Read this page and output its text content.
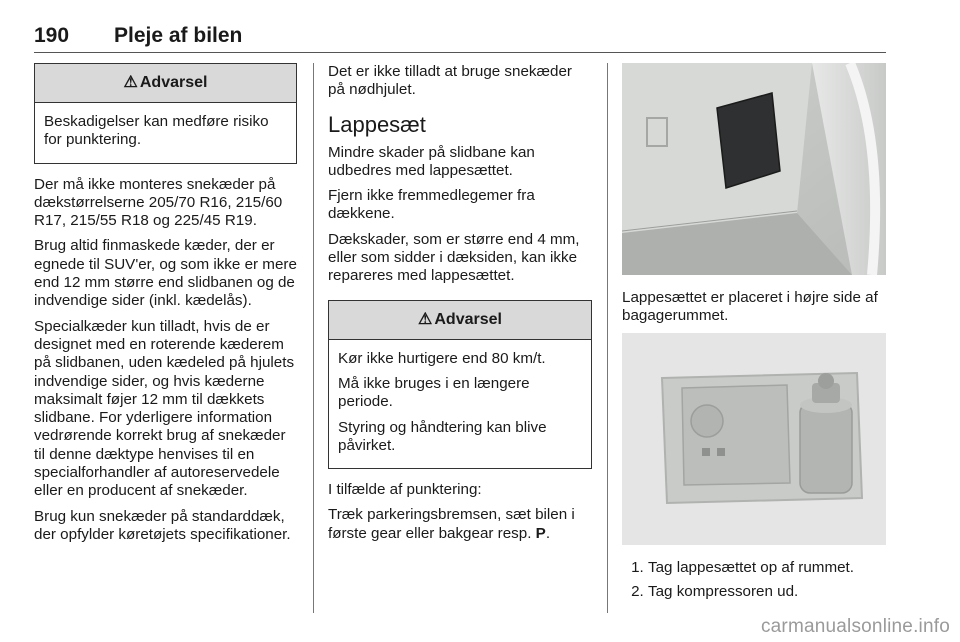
190 Pleje af bilen
⚠ Advarsel

Beskadigelser kan medføre risiko for punktering.

Der må ikke monteres snekæder på dækstørrelserne 205/70 R16, 215/60 R17, 215/55 R18 og 225/45 R19.

Brug altid finmaskede kæder, der er egnede til SUV'er, og som ikke er mere end 12 mm større end slidbanen og de indvendige sider (inkl. kædelås).

Specialkæder kun tilladt, hvis de er designet med en roterende kæderem på slidbanen, uden kædeled på hjulets indvendige sider, og hvis kæderne maksimalt føjer 12 mm til dækkets slidbane. For yderligere information vedrørende korrekt brug af snekæder til denne dæktype henvises til en specialforhandler af autoreservedele eller en producent af snekæder.

Brug kun snekæder på standarddæk, der opfylder køretøjets specifikationer.

Det er ikke tilladt at bruge snekæder på nødhjulet.

Lappesæt

Mindre skader på slidbane kan udbedres med lappesættet.

Fjern ikke fremmedlegemer fra dækkene.

Dækskader, som er større end 4 mm, eller som sidder i dæksiden, kan ikke repareres med lappesættet.

⚠ Advarsel

Kør ikke hurtigere end 80 km/t.

Må ikke bruges i en længere periode.

Styring og håndtering kan blive påvirket.

I tilfælde af punktering:

Træk parkeringsbremsen, sæt bilen i første gear eller bakgear resp. P.

Lappesættet er placeret i højre side af bagagerummet.

1. Tag lappesættet op af rummet.
2. Tag kompressoren ud.
carmanualsonline.info
